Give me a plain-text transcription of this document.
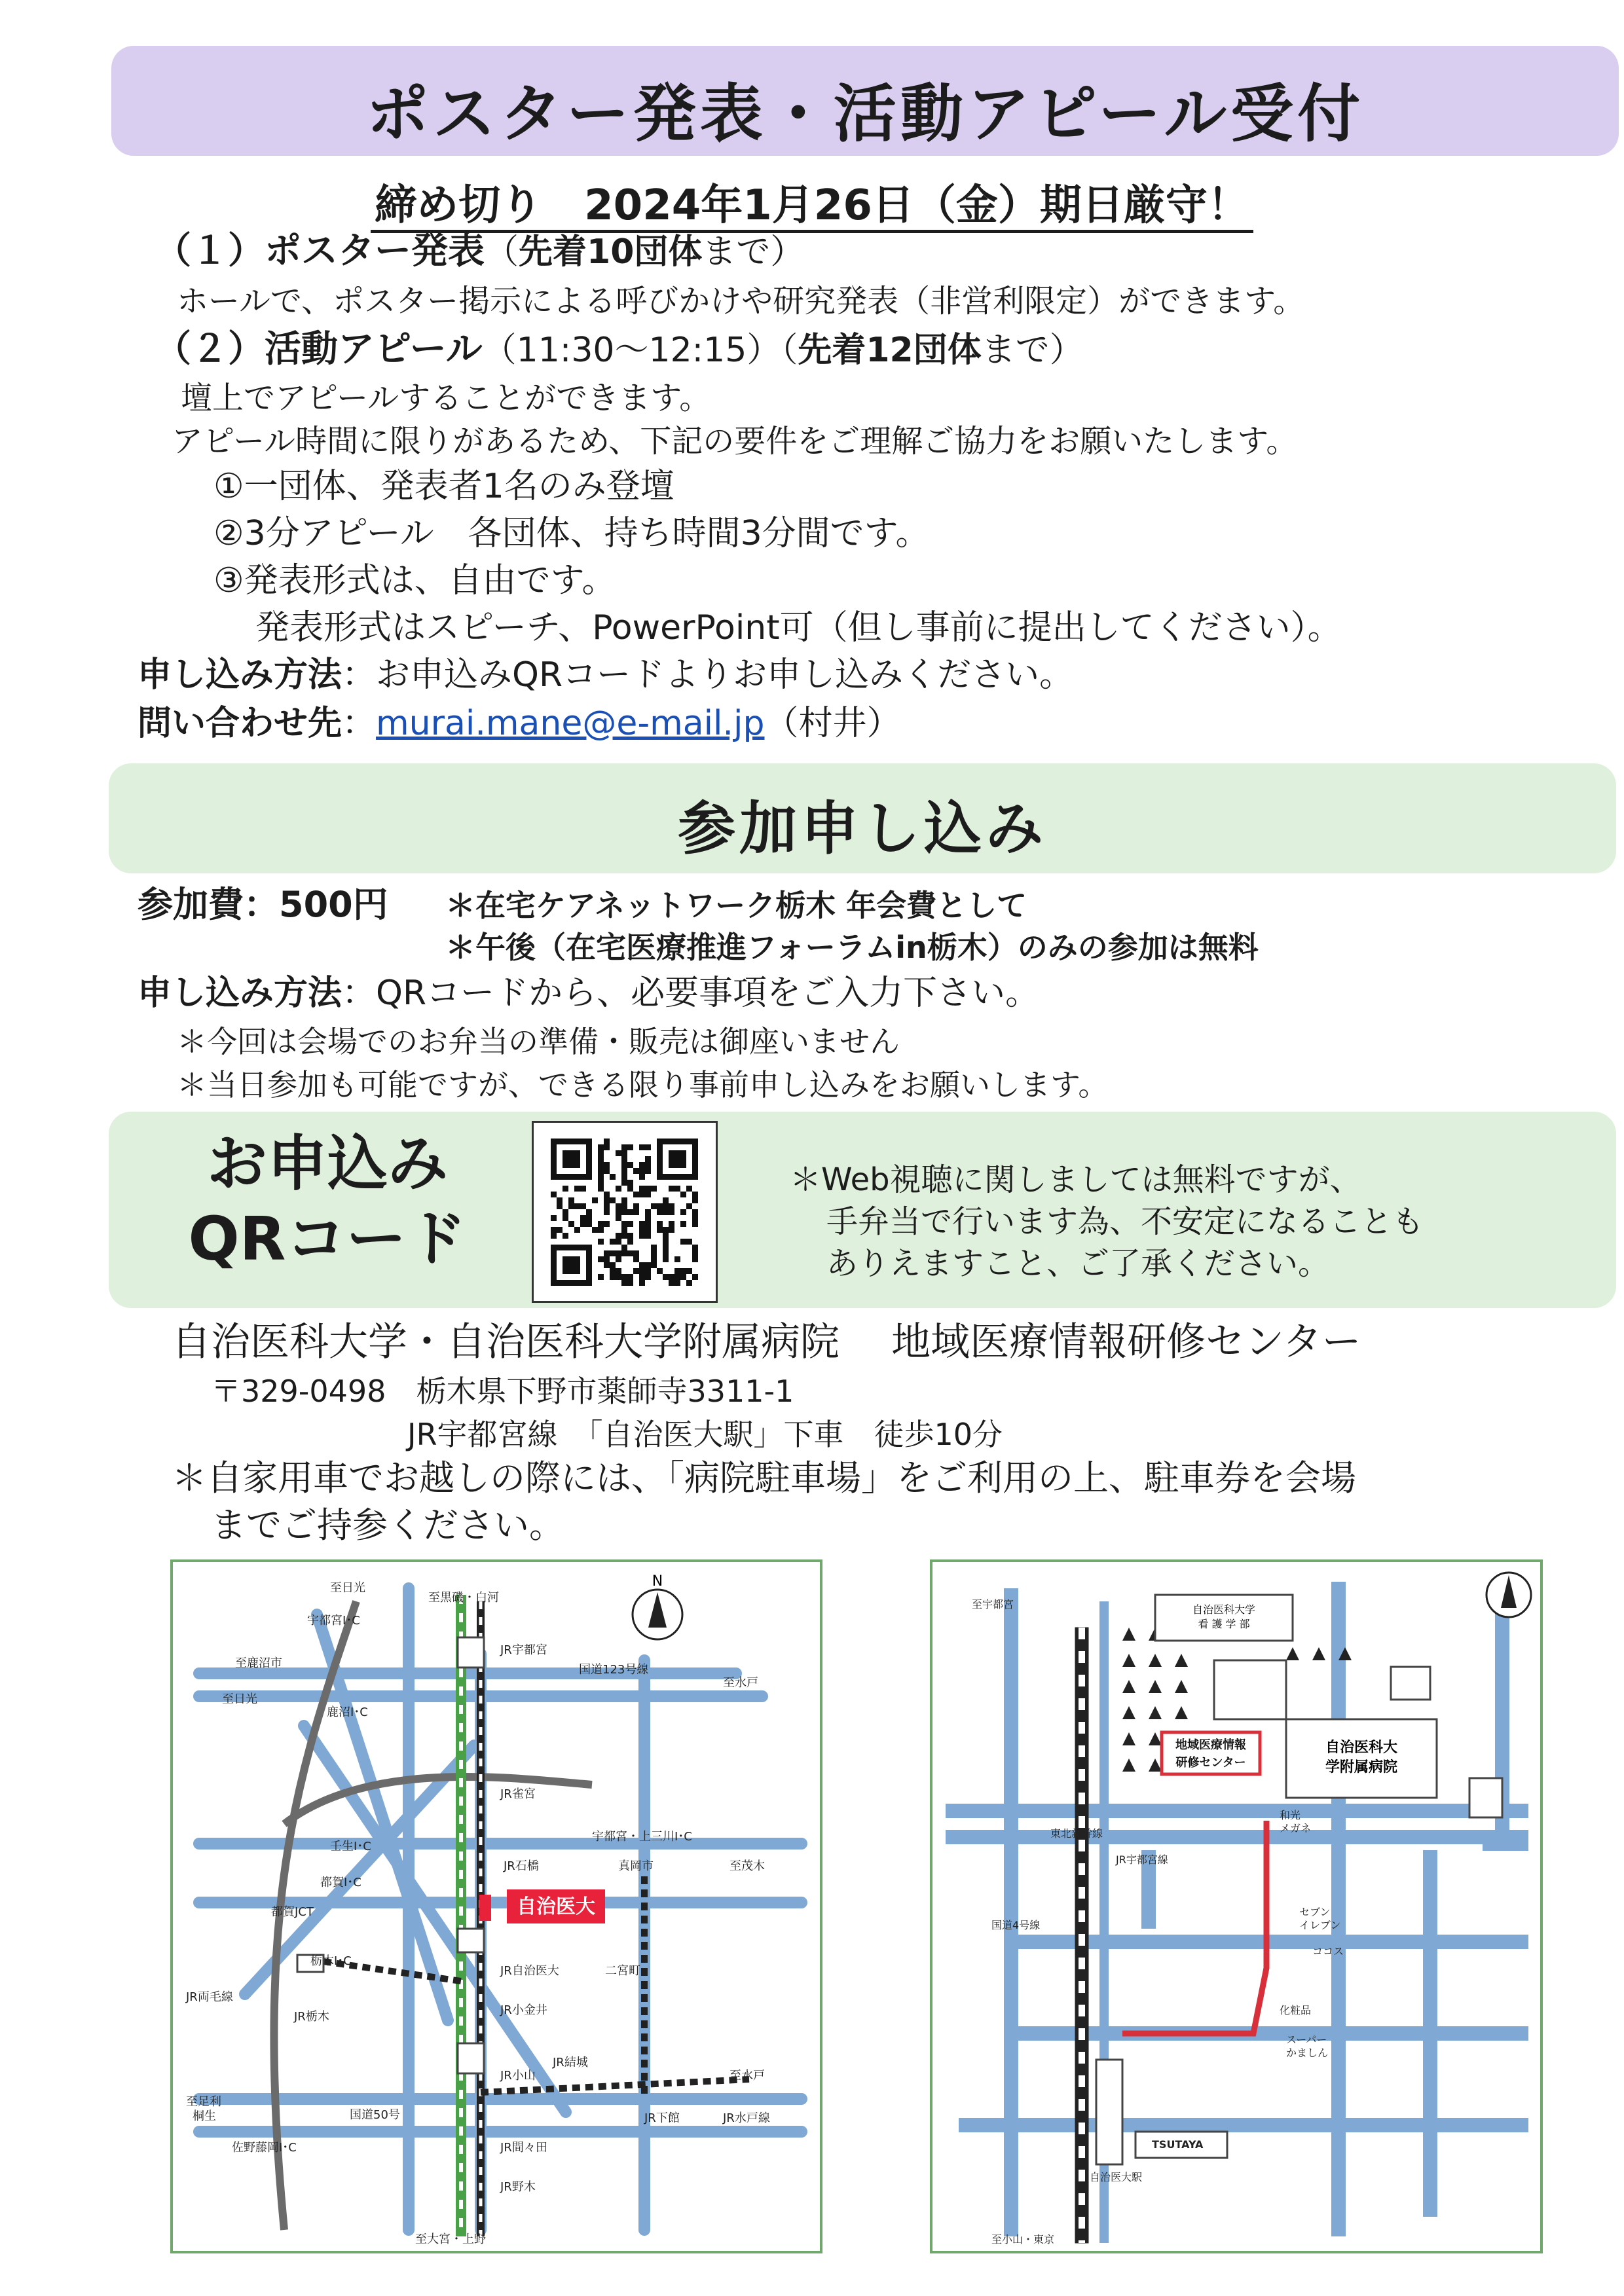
ポスター発表・活動アピール受付
締め切り　2024年1月26日（金）期日厳守！
（１）ポスター発表（先着10団体まで）
ホールで、ポスター掲示による呼びかけや研究発表（非営利限定）ができます。
（２）活動アピール（11:30～12:15）（先着12団体まで）
壇上でアピールすることができます。
アピール時間に限りがあるため、下記の要件をご理解ご協力をお願いたします。
①一団体、発表者1名のみ登壇
②3分アピール　各団体、持ち時間3分間です。
③発表形式は、自由です。
発表形式はスピーチ、PowerPoint可（但し事前に提出してください）。
申し込み方法：お申込みQRコードよりお申し込みください。
問い合わせ先：murai.mane@e-mail.jp（村井）
参加申し込み
参加費：500円 ＊在宅ケアネットワーク栃木 年会費として
＊午後（在宅医療推進フォーラムin栃木）のみの参加は無料
申し込み方法：QRコードから、必要事項をご入力下さい。
＊今回は会場でのお弁当の準備・販売は御座いません
＊当日参加も可能ですが、できる限り事前申し込みをお願いします。
お申込み
QRコード
＊Web視聴に関しましては無料ですが、
手弁当で行います為、不安定になることも
ありえますこと、ご了承ください。
自治医科大学・自治医科大学附属病院　 地域医療情報研修センター
〒329-0498　栃木県下野市薬師寺3311-1
JR宇都宮線　「自治医大駅」下車　徒歩10分
＊自家用車でお越しの際には、「病院駐車場」をご利用の上、駐車券を会場
までご持参ください。
自治医大
N
至日光
至黒磯・白河
宇都宮I･C
JR宇都宮
国道123号線
至水戸
至鹿沼市
至日光
鹿沼I･C
JR雀宮
宇都宮・上三川I･C
壬生I･C
JR石橋	真岡市	至茂木
都賀I･C
都賀JCT
JR自治医大	二宮町
栃木I･C
JR小金井
JR両毛線
JR栃木
JR小山
JR結城
至水戸
至足利
桐生	国道50号	JR下館	JR水戸線
佐野藤岡I･C	JR間々田
JR野木
至大宮・上野
自治医科大学
看 護 学 部
自治医科大
学附属病院
地域医療情報
研修センター
至宇都宮
和光
メガネ
東北新幹線
JR宇都宮線
国道4号線
セブン
イレブン
ココス
化粧品
スーパー
かましん
TSUTAYA
自治医大駅
至小山・東京
